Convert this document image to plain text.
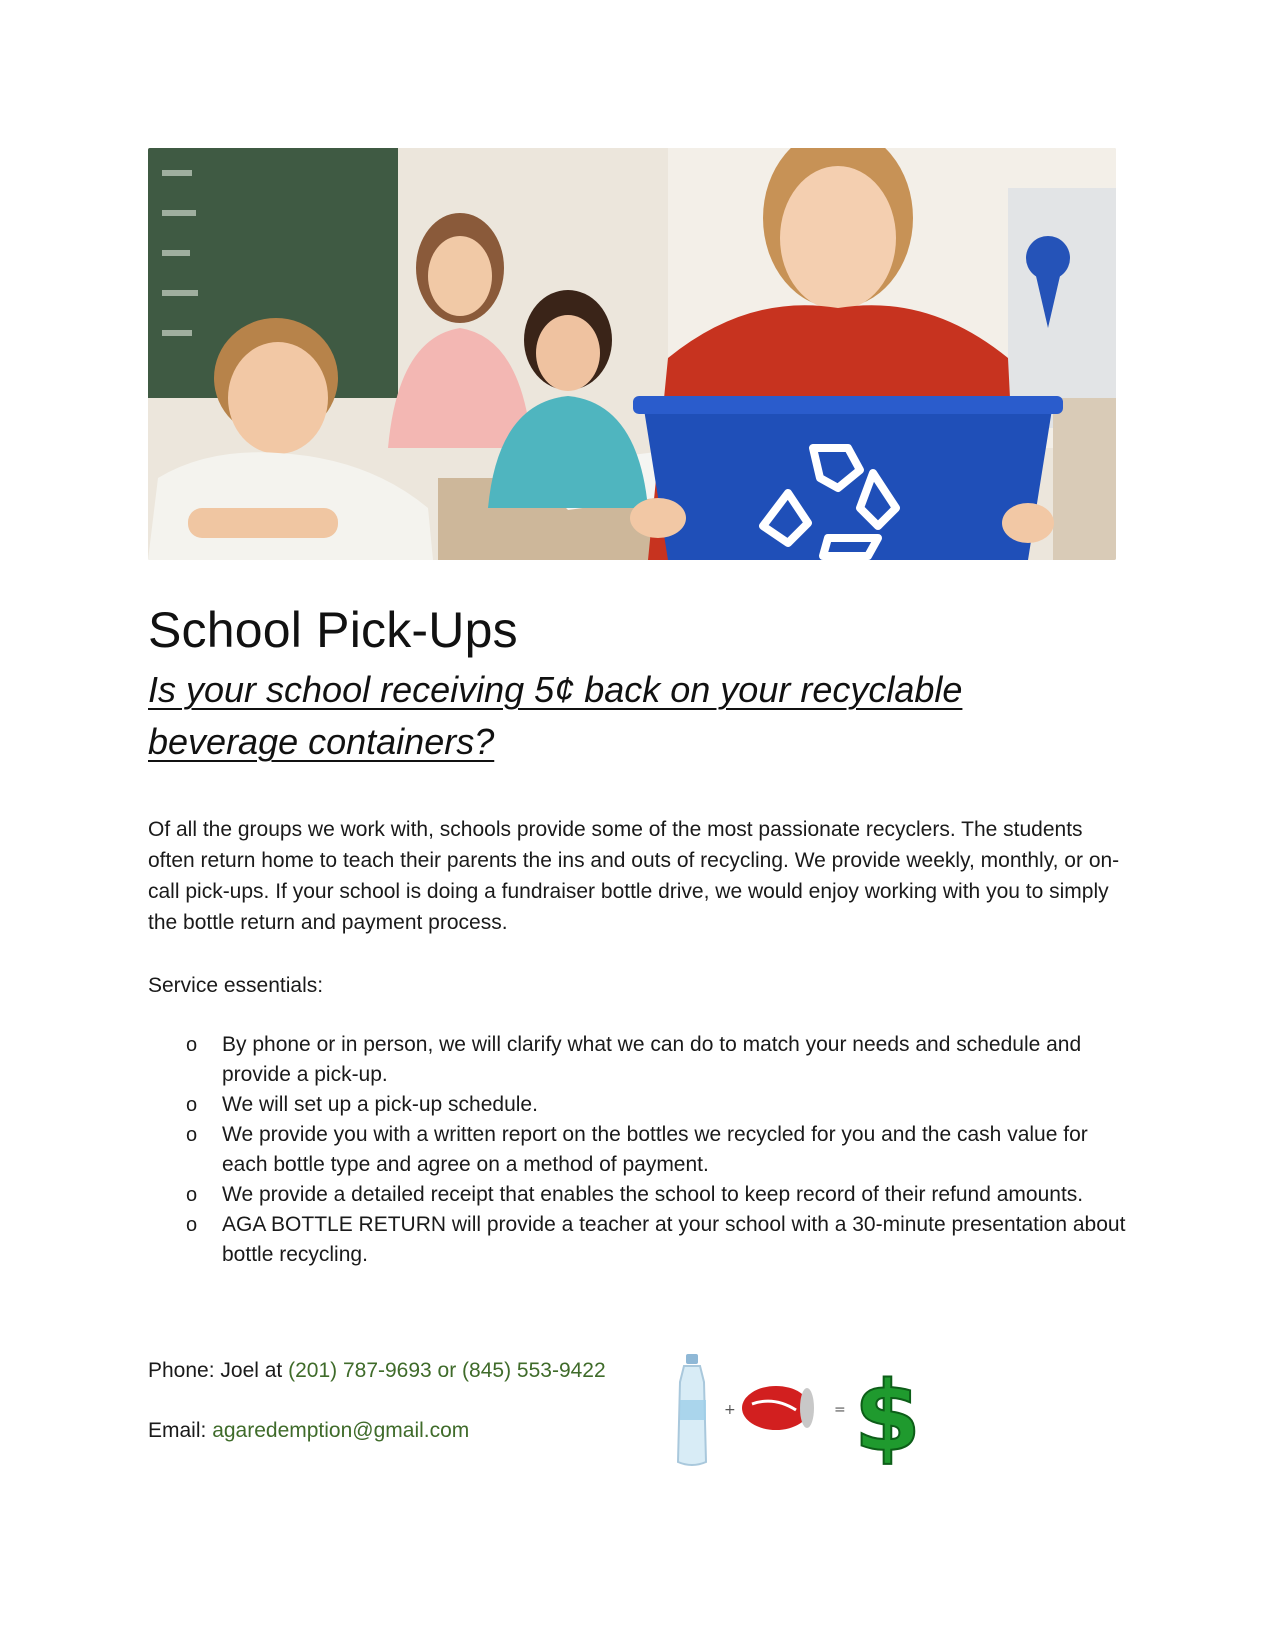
School Pick-Ups
Is your school receiving 5¢ back on your recyclable beverage containers?

Of all the groups we work with, schools provide some of the most passionate recyclers. The students often return home to teach their parents the ins and outs of recycling. We provide weekly, monthly, or on-call pick-ups. If your school is doing a fundraiser bottle drive, we would enjoy working with you to simply the bottle return and payment process.

Service essentials:

o By phone or in person, we will clarify what we can do to match your needs and schedule and provide a pick-up.
o We will set up a pick-up schedule.
o We provide you with a written report on the bottles we recycled for you and the cash value for each bottle type and agree on a method of payment.
o We provide a detailed receipt that enables the school to keep record of their refund amounts.
o AGA BOTTLE RETURN will provide a teacher at your school with a 30-minute presentation about bottle recycling.

Phone: Joel at (201) 787-9693 or (845) 553-9422

Email: agaredemption@gmail.com

+	= $
